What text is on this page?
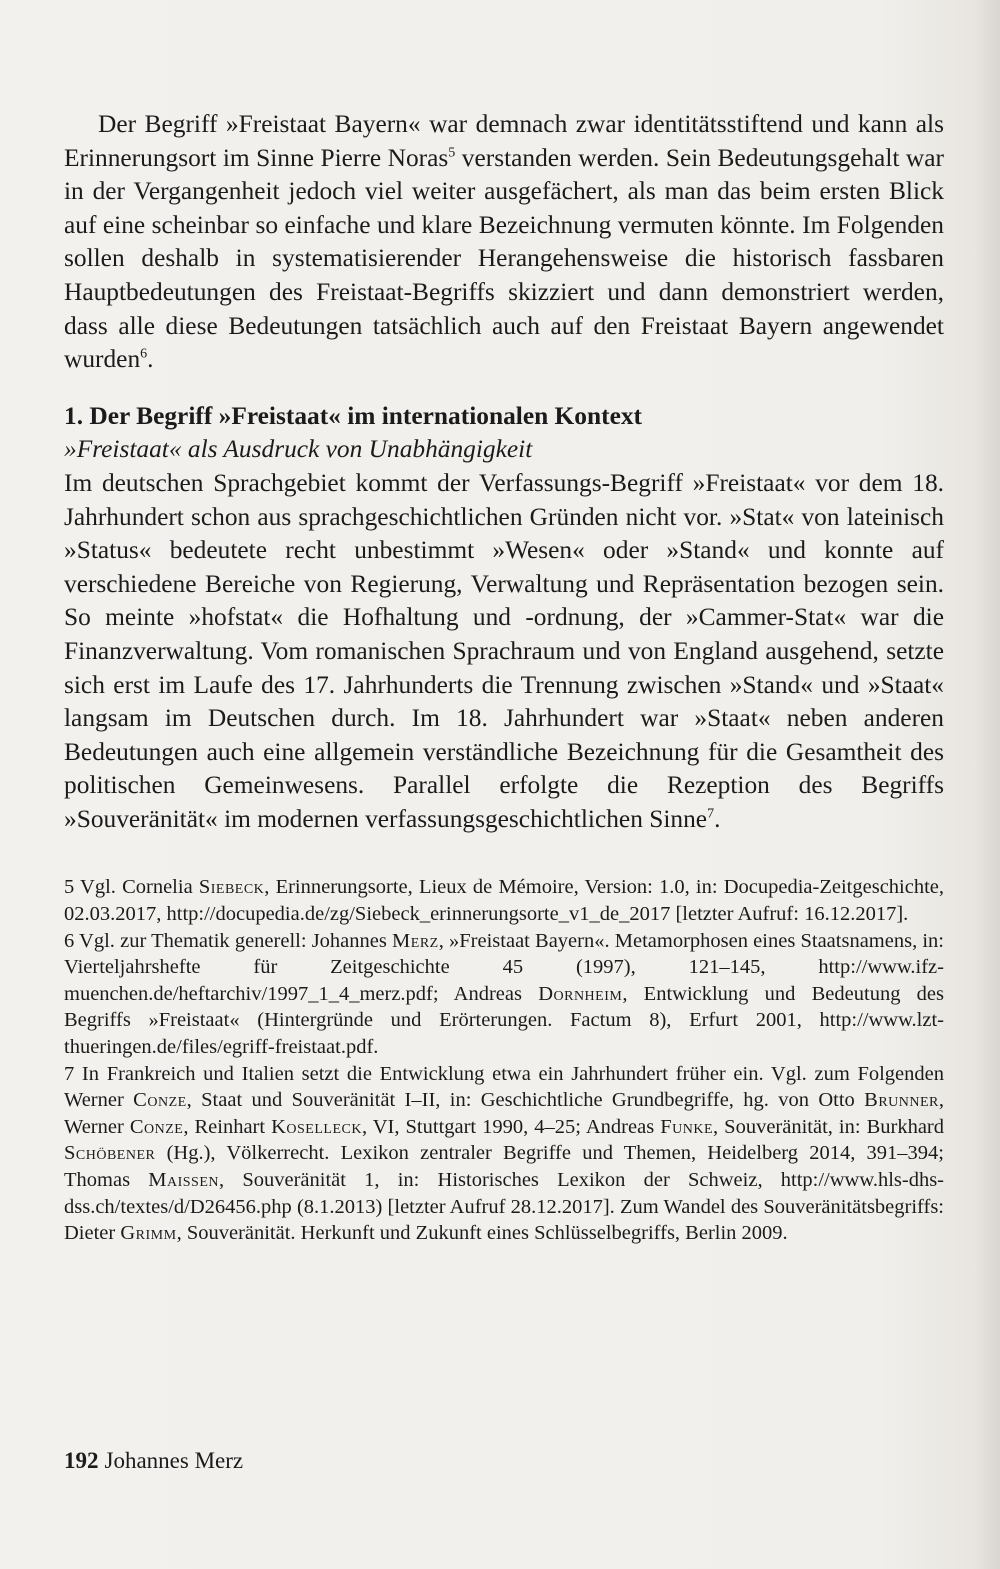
Der Begriff »Freistaat Bayern« war demnach zwar identitätsstiftend und kann als Erinnerungsort im Sinne Pierre Noras$^5$ verstanden werden. Sein Bedeutungsgehalt war in der Vergangenheit jedoch viel weiter ausgefächert, als man das beim ersten Blick auf eine scheinbar so einfache und klare Bezeichnung vermuten könnte. Im Folgenden sollen deshalb in systematisierender Herangehensweise die historisch fassbaren Hauptbedeutungen des Freistaat-Begriffs skizziert und dann demonstriert werden, dass alle diese Bedeutungen tatsächlich auch auf den Freistaat Bayern angewendet wurden$^6$.

1. Der Begriff »Freistaat« im internationalen Kontext

»Freistaat« als Ausdruck von Unabhängigkeit

Im deutschen Sprachgebiet kommt der Verfassungs-Begriff »Freistaat« vor dem 18. Jahrhundert schon aus sprachgeschichtlichen Gründen nicht vor. »Stat« von lateinisch »Status« bedeutete recht unbestimmt »Wesen« oder »Stand« und konnte auf verschiedene Bereiche von Regierung, Verwaltung und Repräsentation bezogen sein. So meinte »hofstat« die Hofhaltung und -ordnung, der »Cammer-Stat« war die Finanzverwaltung. Vom romanischen Sprachraum und von England ausgehend, setzte sich erst im Laufe des 17. Jahrhunderts die Trennung zwischen »Stand« und »Staat« langsam im Deutschen durch. Im 18. Jahrhundert war »Staat« neben anderen Bedeutungen auch eine allgemein verständliche Bezeichnung für die Gesamtheit des politischen Gemeinwesens. Parallel erfolgte die Rezeption des Begriffs »Souveränität« im modernen verfassungsgeschichtlichen Sinne$^7$.

5 Vgl. Cornelia Siebeck, Erinnerungsorte, Lieux de Mémoire, Version: 1.0, in: Docupedia-Zeitgeschichte, 02.03.2017, http://docupedia.de/zg/Siebeck_erinnerungsorte_v1_de_2017 [letzter Aufruf: 16.12.2017].

6 Vgl. zur Thematik generell: Johannes Merz, »Freistaat Bayern«. Metamorphosen eines Staatsnamens, in: Vierteljahrshefte für Zeitgeschichte 45 (1997), 121–145, http://www.ifz-muenchen.de/heftarchiv/1997_1_4_merz.pdf; Andreas Dornheim, Entwicklung und Bedeutung des Begriffs »Freistaat« (Hintergründe und Erörterungen. Factum 8), Erfurt 2001, http://www.lzt-thueringen.de/files/egriff-freistaat.pdf.

7 In Frankreich und Italien setzt die Entwicklung etwa ein Jahrhundert früher ein. Vgl. zum Folgenden Werner Conze, Staat und Souveränität I–II, in: Geschichtliche Grundbegriffe, hg. von Otto Brunner, Werner Conze, Reinhart Koselleck, VI, Stuttgart 1990, 4–25; Andreas Funke, Souveränität, in: Burkhard Schöbener (Hg.), Völkerrecht. Lexikon zentraler Begriffe und Themen, Heidelberg 2014, 391–394; Thomas Maissen, Souveränität 1, in: Historisches Lexikon der Schweiz, http://www.hls-dhs-dss.ch/textes/d/D26456.php (8.1.2013) [letzter Aufruf 28.12.2017]. Zum Wandel des Souveränitätsbegriffs: Dieter Grimm, Souveränität. Herkunft und Zukunft eines Schlüsselbegriffs, Berlin 2009.

192 Johannes Merz
